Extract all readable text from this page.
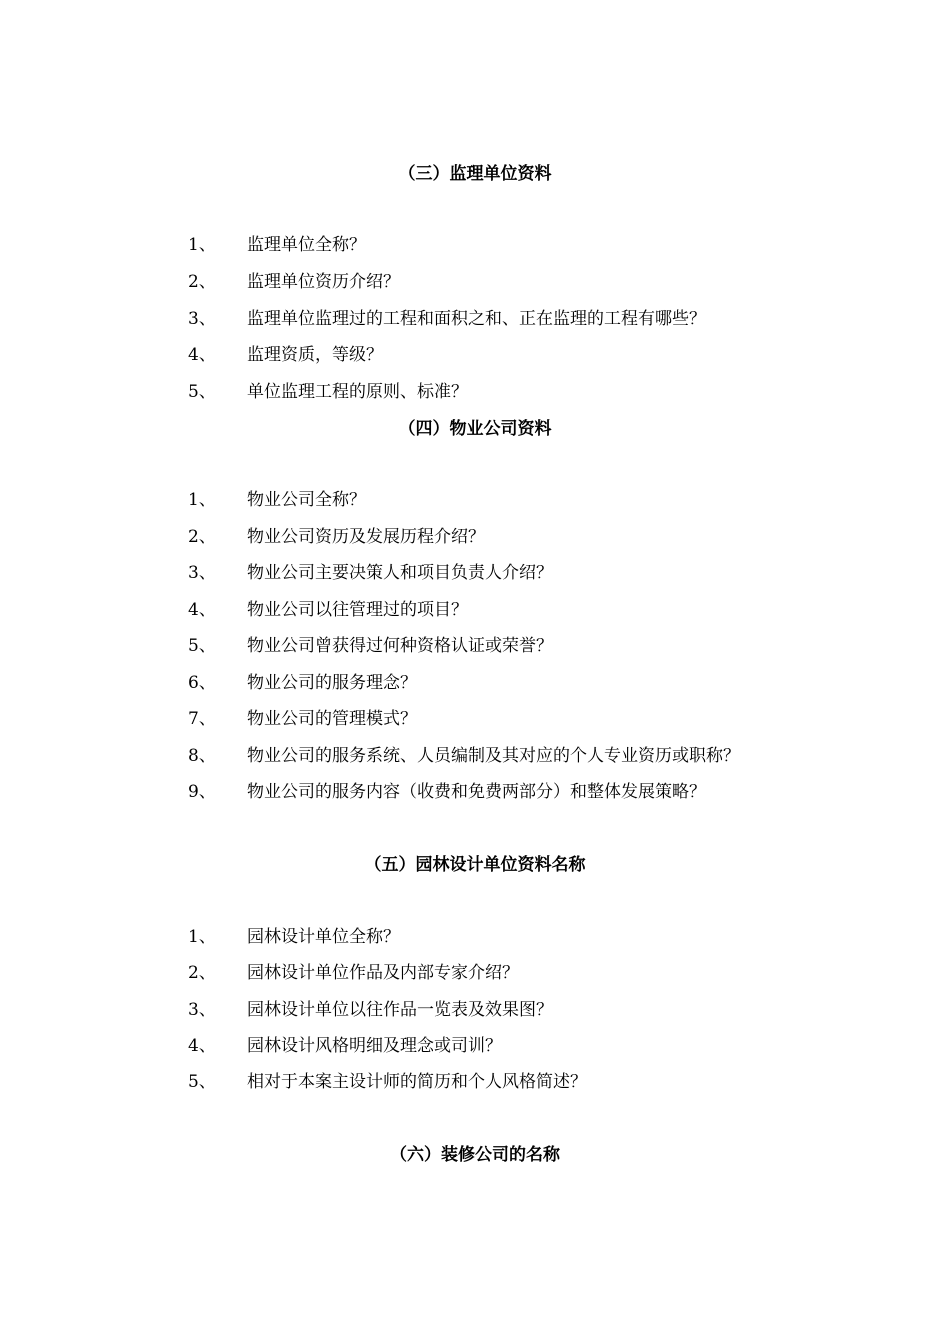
（三）监理单位资料
1、 监理单位全称？
2、 监理单位资历介绍？
3、 监理单位监理过的工程和面积之和、正在监理的工程有哪些？
4、 监理资质，等级？
5、 单位监理工程的原则、标准？
（四）物业公司资料
1、 物业公司全称？
2、 物业公司资历及发展历程介绍？
3、 物业公司主要决策人和项目负责人介绍？
4、 物业公司以往管理过的项目？
5、 物业公司曾获得过何种资格认证或荣誉？
6、 物业公司的服务理念？
7、 物业公司的管理模式？
8、 物业公司的服务系统、人员编制及其对应的个人专业资历或职称？
9、 物业公司的服务内容（收费和免费两部分）和整体发展策略？
（五）园林设计单位资料名称
1、 园林设计单位全称？
2、 园林设计单位作品及内部专家介绍？
3、 园林设计单位以往作品一览表及效果图？
4、 园林设计风格明细及理念或司训？
5、 相对于本案主设计师的简历和个人风格简述？
（六）装修公司的名称
